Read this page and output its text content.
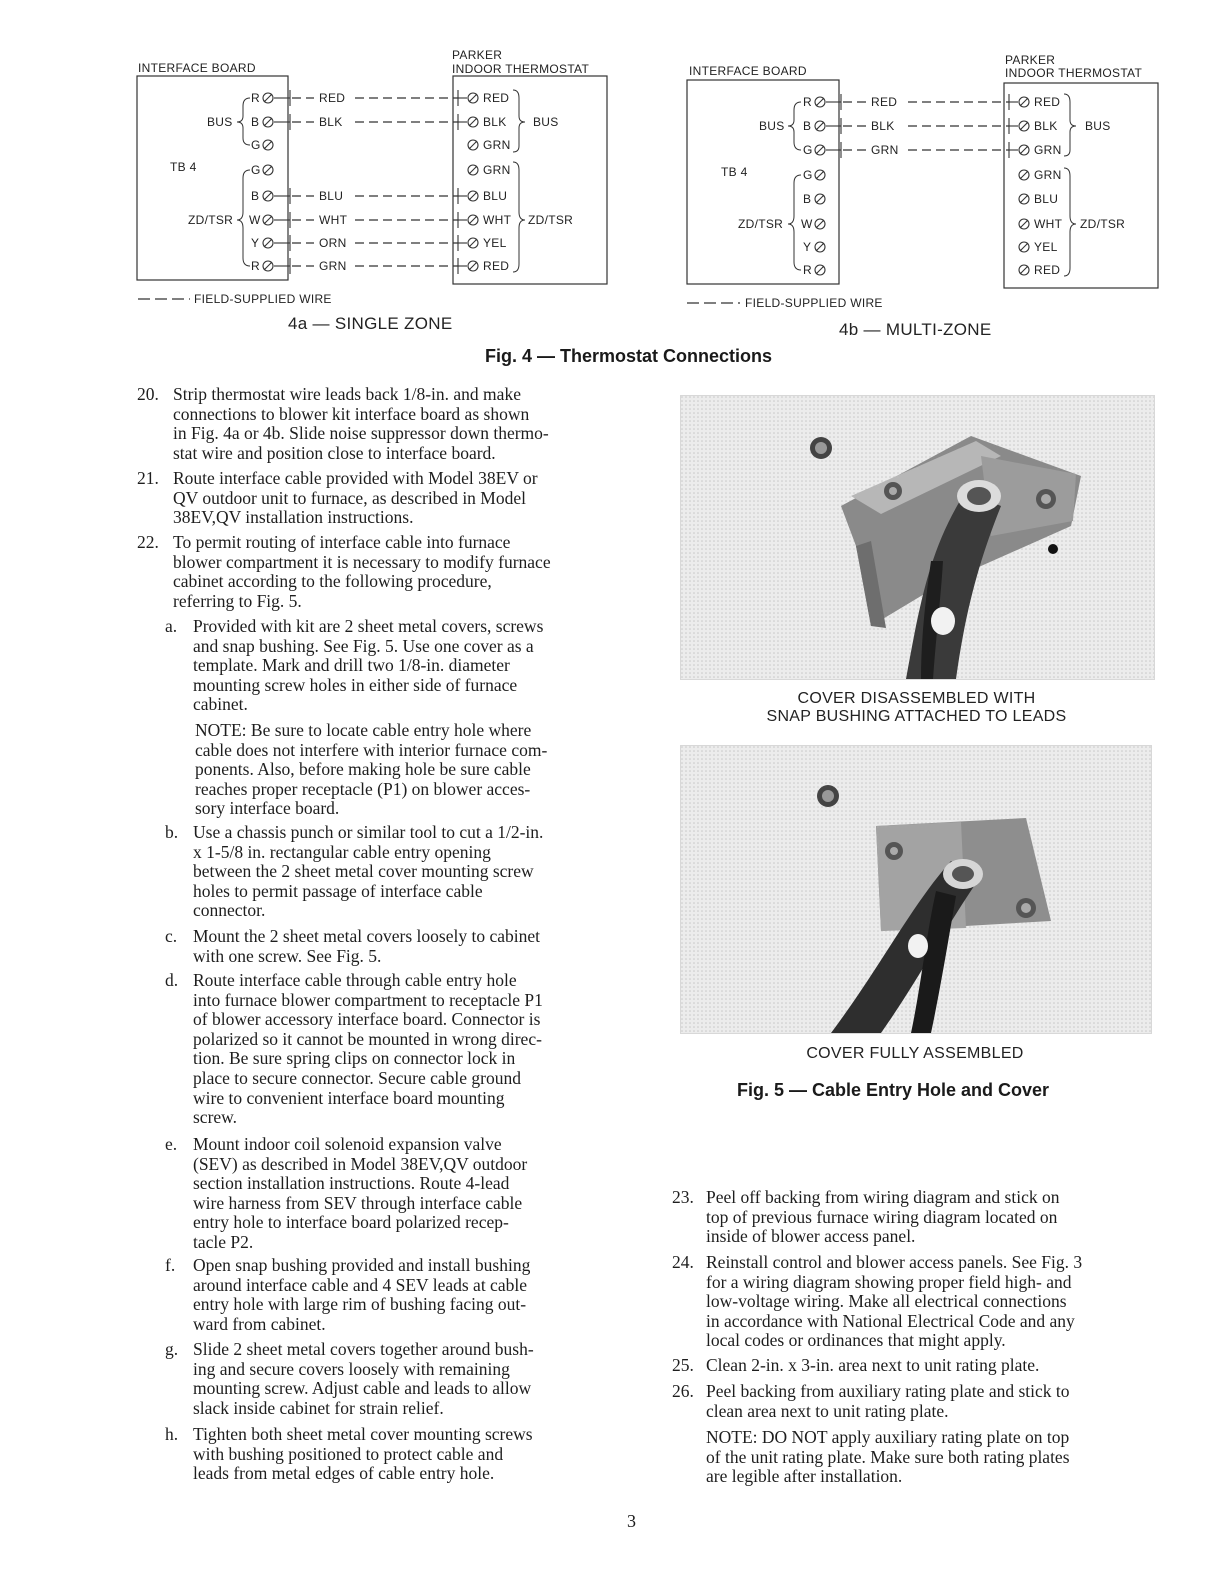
INTERFACE BOARD
PARKER
INDOOR THERMOSTAT
R
B
G
G
B
W
Y
R
BUS
TB 4
ZD/TSR
RED
BLK
BLU
WHT
ORN
GRN
RED
BLK
GRN
GRN
BLU
WHT
YEL
RED
BUS
ZD/TSR
FIELD-SUPPLIED WIRE
4a — SINGLE ZONE
INTERFACE BOARD
PARKER
INDOOR THERMOSTAT
R
B
G
G
B
W
Y
R
BUS
TB 4
ZD/TSR
RED
BLK
GRN
RED
BLK
GRN
GRN
BLU
WHT
YEL
RED
BUS
ZD/TSR
FIELD-SUPPLIED WIRE
4b — MULTI-ZONE
Fig. 4 — Thermostat Connections
20. Strip thermostat wire leads back 1/8-in. and make
connections to blower kit interface board as shown
in Fig. 4a or 4b. Slide noise suppressor down thermo-
stat wire and position close to interface board.
21. Route interface cable provided with Model 38EV or
QV outdoor unit to furnace, as described in Model
38EV,QV installation instructions.
22. To permit routing of interface cable into furnace
blower compartment it is necessary to modify furnace
cabinet according to the following procedure,
referring to Fig. 5.
a. Provided with kit are 2 sheet metal covers, screws
and snap bushing. See Fig. 5. Use one cover as a
template. Mark and drill two 1/8-in. diameter
mounting screw holes in either side of furnace
cabinet.
NOTE: Be sure to locate cable entry hole where
cable does not interfere with interior furnace com-
ponents. Also, before making hole be sure cable
reaches proper receptacle (P1) on blower acces-
sory interface board.
b. Use a chassis punch or similar tool to cut a 1/2-in.
x 1-5/8 in. rectangular cable entry opening
between the 2 sheet metal cover mounting screw
holes to permit passage of interface cable
connector.
c. Mount the 2 sheet metal covers loosely to cabinet
with one screw. See Fig. 5.
d. Route interface cable through cable entry hole
into furnace blower compartment to receptacle P1
of blower accessory interface board. Connector is
polarized so it cannot be mounted in wrong direc-
tion. Be sure spring clips on connector lock in
place to secure connector. Secure cable ground
wire to convenient interface board mounting
screw.
e. Mount indoor coil solenoid expansion valve
(SEV) as described in Model 38EV,QV outdoor
section installation instructions. Route 4-lead
wire harness from SEV through interface cable
entry hole to interface board polarized recep-
tacle P2.
f. Open snap bushing provided and install bushing
around interface cable and 4 SEV leads at cable
entry hole with large rim of bushing facing out-
ward from cabinet.
g. Slide 2 sheet metal covers together around bush-
ing and secure covers loosely with remaining
mounting screw. Adjust cable and leads to allow
slack inside cabinet for strain relief.
h. Tighten both sheet metal cover mounting screws
with bushing positioned to protect cable and
leads from metal edges of cable entry hole.
COVER DISASSEMBLED WITH
SNAP BUSHING ATTACHED TO LEADS
COVER FULLY ASSEMBLED
Fig. 5 — Cable Entry Hole and Cover
23. Peel off backing from wiring diagram and stick on
top of previous furnace wiring diagram located on
inside of blower access panel.
24. Reinstall control and blower access panels. See Fig. 3
for a wiring diagram showing proper field high- and
low-voltage wiring. Make all electrical connections
in accordance with National Electrical Code and any
local codes or ordinances that might apply.
25. Clean 2-in. x 3-in. area next to unit rating plate.
26. Peel backing from auxiliary rating plate and stick to
clean area next to unit rating plate.
NOTE: DO NOT apply auxiliary rating plate on top
of the unit rating plate. Make sure both rating plates
are legible after installation.
3
